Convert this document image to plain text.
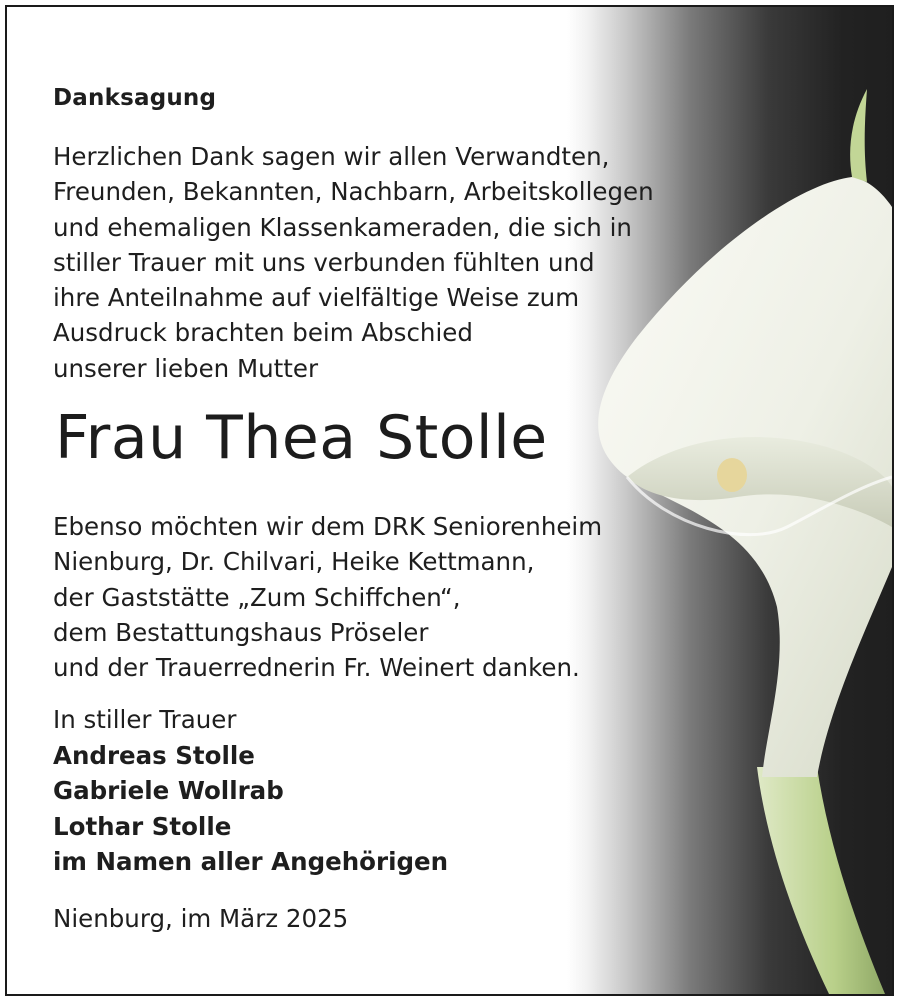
Danksagung
Herzlichen Dank sagen wir allen Verwandten,
Freunden, Bekannten, Nachbarn, Arbeitskollegen
und ehemaligen Klassenkameraden, die sich in
stiller Trauer mit uns verbunden fühlten und
ihre Anteilnahme auf vielfältige Weise zum
Ausdruck brachten beim Abschied
unserer lieben Mutter
Frau Thea Stolle
Ebenso möchten wir dem DRK Seniorenheim
Nienburg, Dr. Chilvari, Heike Kettmann,
der Gaststätte „Zum Schiffchen“,
dem Bestattungshaus Pröseler
und der Trauerrednerin Fr. Weinert danken.
In stiller Trauer
Andreas Stolle
Gabriele Wollrab
Lothar Stolle
im Namen aller Angehörigen
Nienburg, im März 2025
